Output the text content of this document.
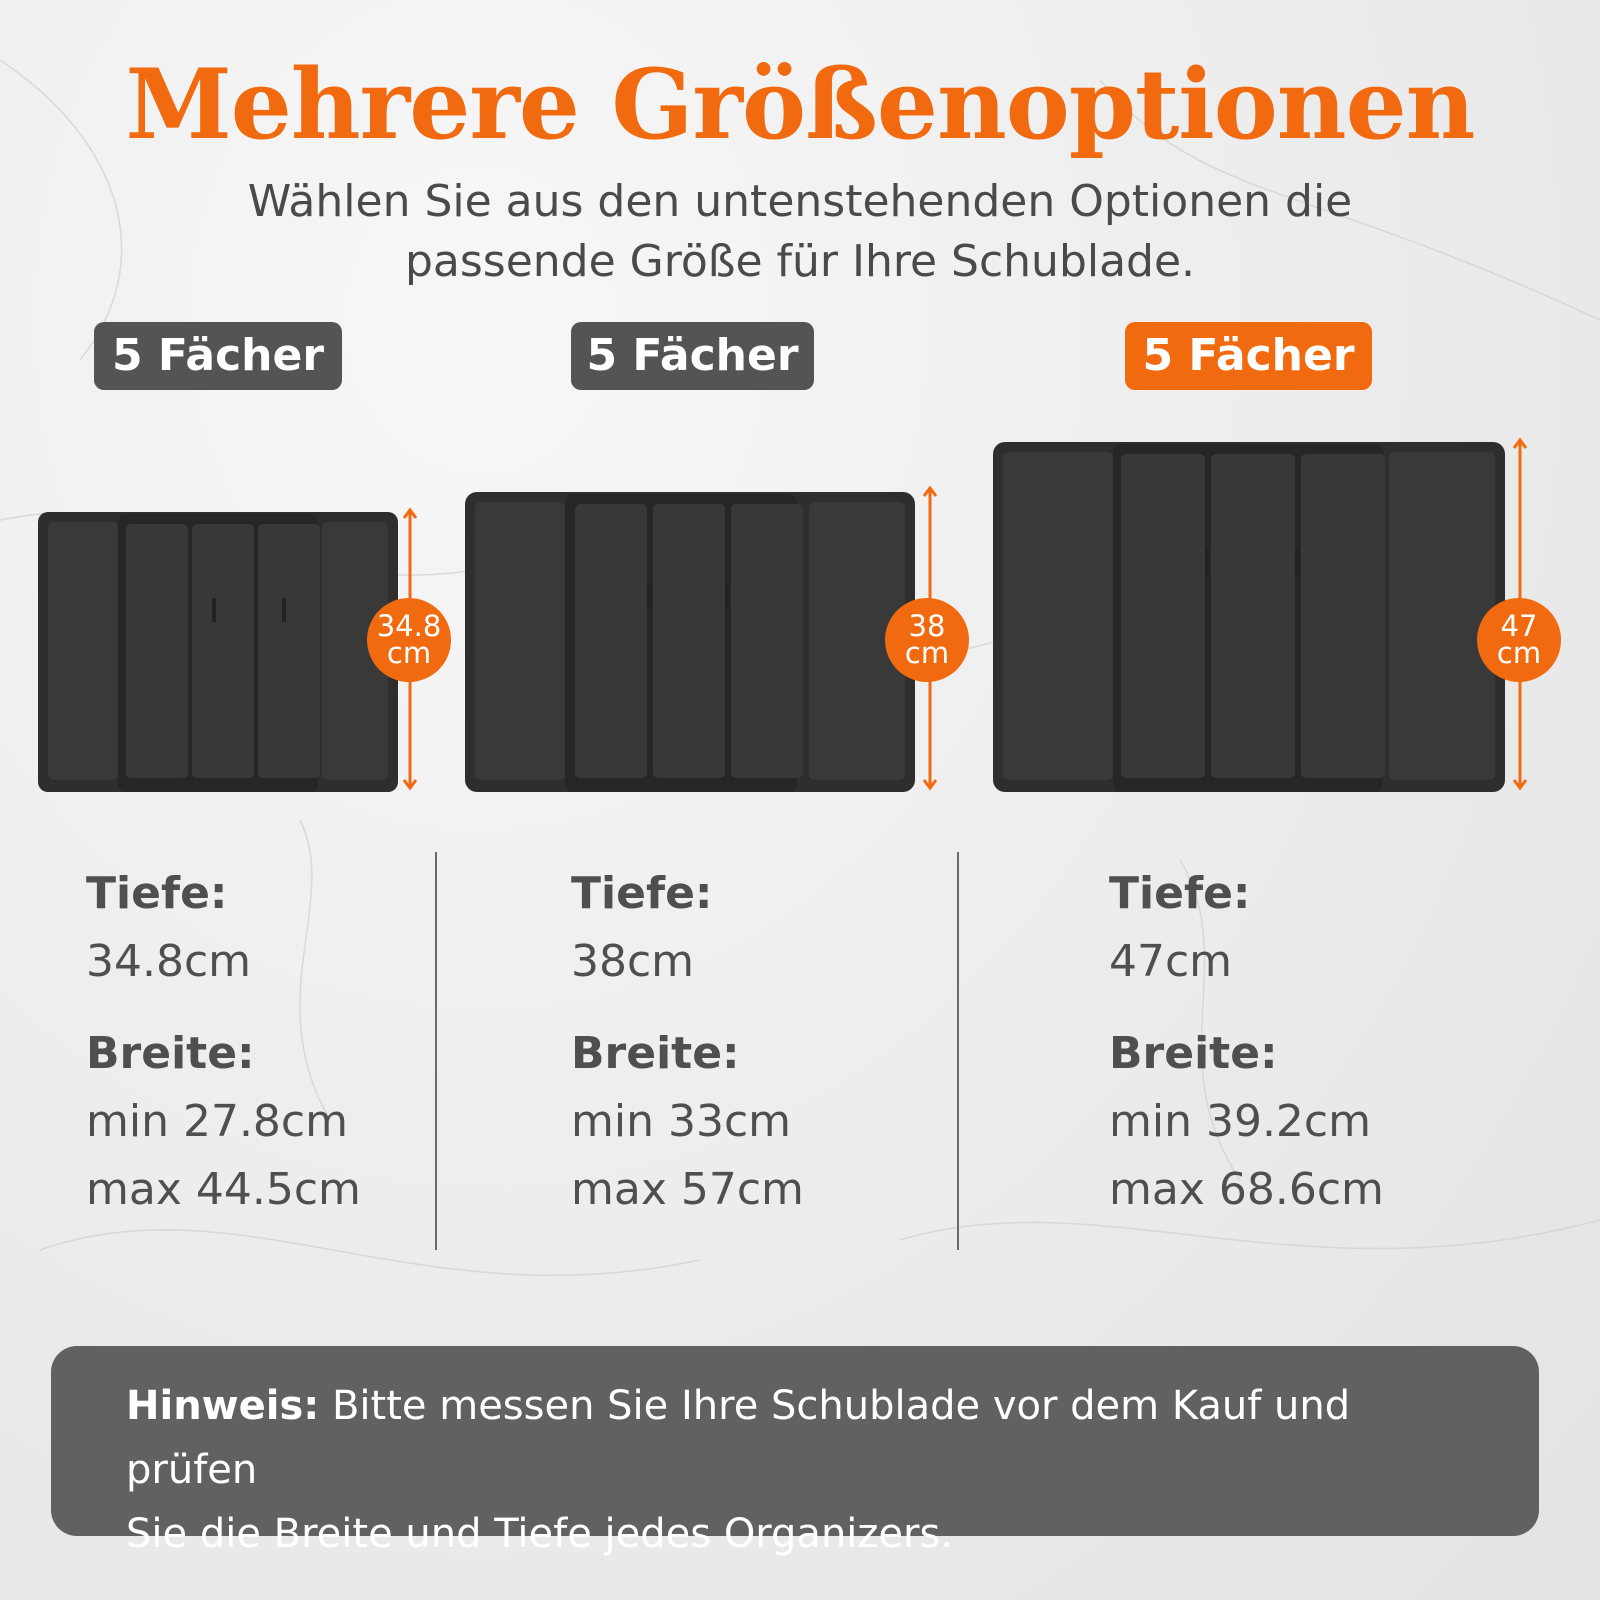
Mehrere Größenoptionen
Wählen Sie aus den untenstehenden Optionen die
passende Größe für Ihre Schublade.
5 Fächer	5 Fächer	5 Fächer
34.8
cm
38
cm
47
cm
Tiefe:
34.8cm
Breite:
min 27.8cm
max 44.5cm
Tiefe:
38cm
Breite:
min 33cm
max 57cm
Tiefe:
47cm
Breite:
min 39.2cm
max 68.6cm
Hinweis: Bitte messen Sie Ihre Schublade vor dem Kauf und prüfen
Sie die Breite und Tiefe jedes Organizers.
